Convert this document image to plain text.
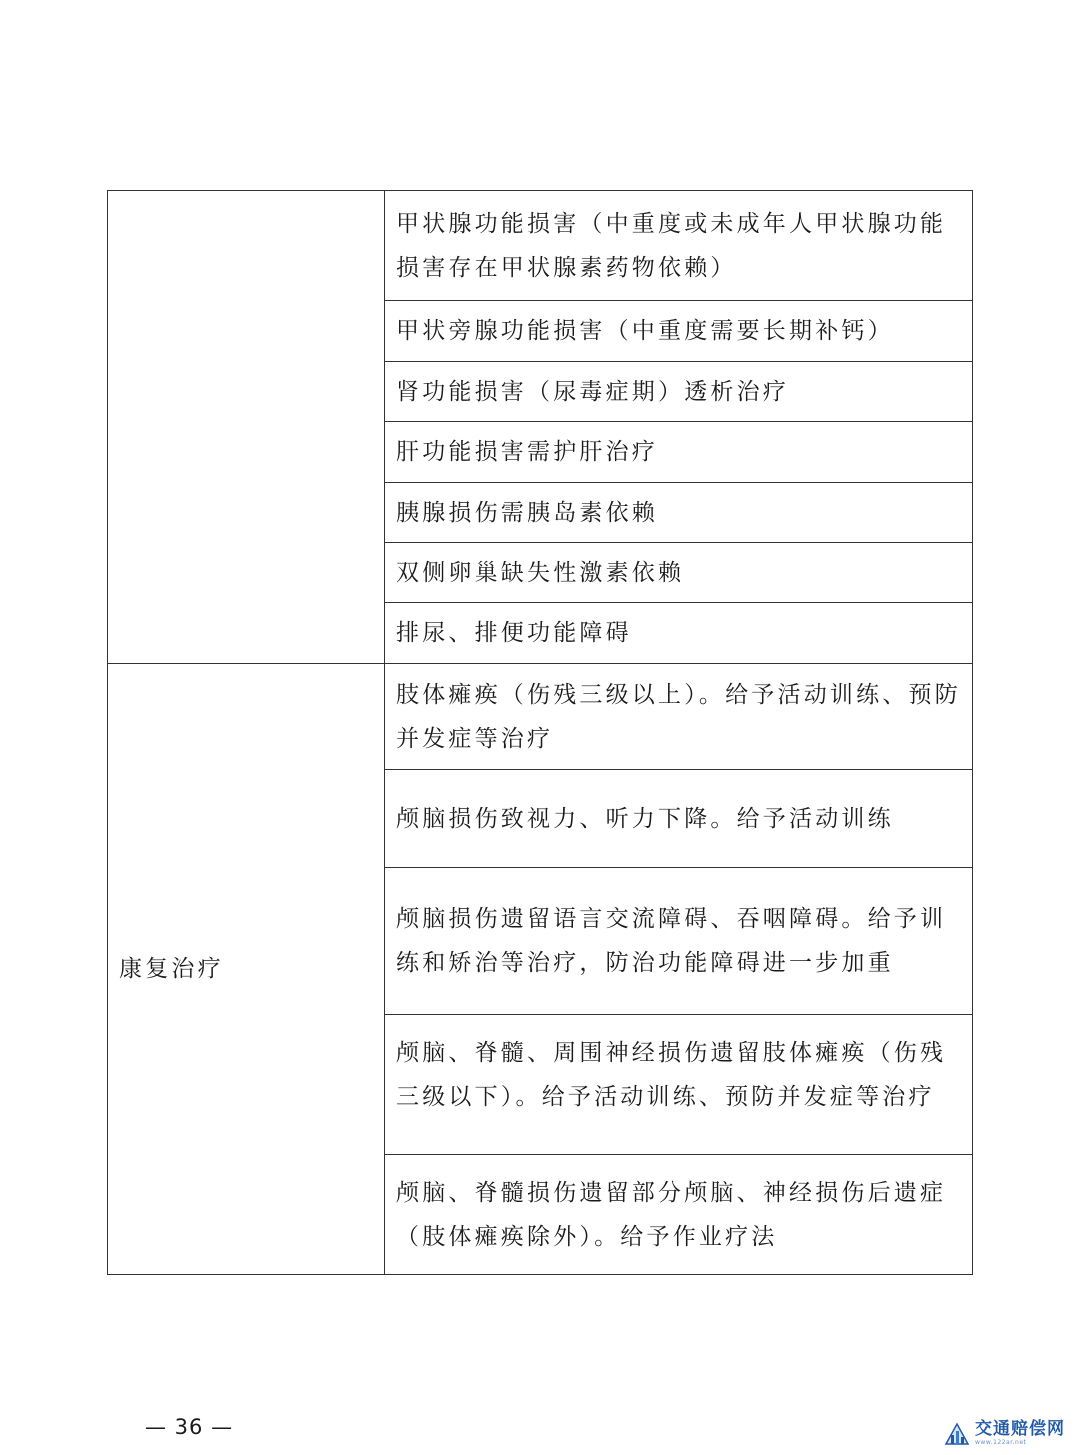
	甲状腺功能损害（中重度或未成年人甲状腺功能损害存在甲状腺素药物依赖）

	甲状旁腺功能损害（中重度需要长期补钙）

	肾功能损害（尿毒症期）透析治疗

	肝功能损害需护肝治疗

	胰腺损伤需胰岛素依赖

	双侧卵巢缺失性激素依赖

	排尿、排便功能障碍

康复治疗	肢体瘫痪（伤残三级以上）。给予活动训练、预防并发症等治疗

	颅脑损伤致视力、听力下降。给予活动训练

	颅脑损伤遗留语言交流障碍、吞咽障碍。给予训练和矫治等治疗，防治功能障碍进一步加重

	颅脑、脊髓、周围神经损伤遗留肢体瘫痪（伤残三级以下）。给予活动训练、预防并发症等治疗

	颅脑、脊髓损伤遗留部分颅脑、神经损伤后遗症（肢体瘫痪除外）。给予作业疗法
— 36 —	交通赔偿网
www.122ar.net
